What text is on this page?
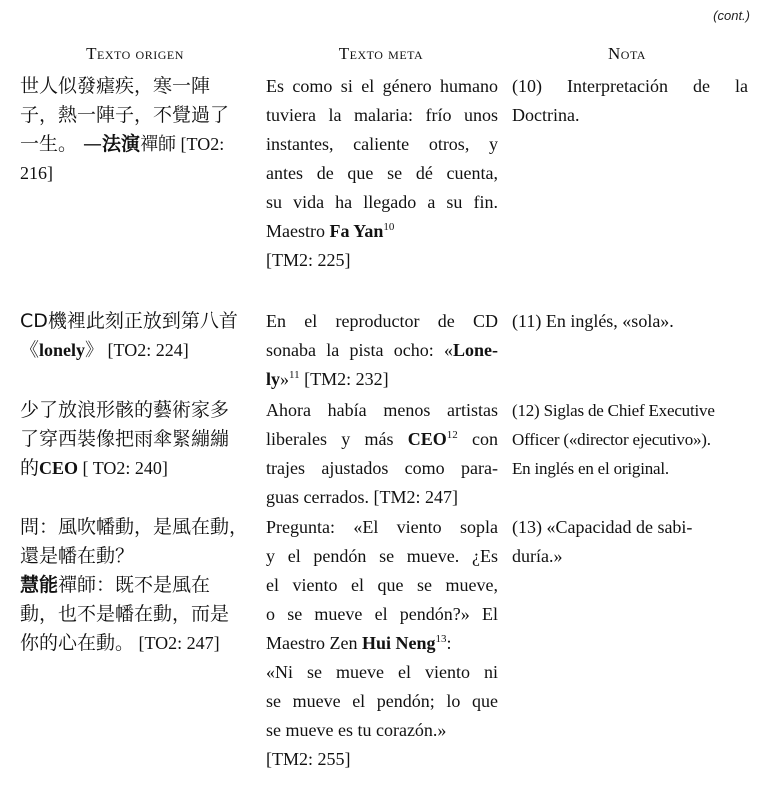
(cont.)
Texto origen	Texto meta	Nota
世人似發瘧疾，寒一陣
子，熱一陣子，不覺過了
一生。 —法演禪師 [TO2:
216]
Es como si el género humano
tuviera la malaria: frío unos
instantes, caliente otros, y
antes de que se dé cuenta,
su vida ha llegado a su fin.
Maestro Fa Yan$^{10}$
[TM2: 225]
(10) Interpretación de la
Doctrina.
CD機裡此刻正放到第八首
《lonely》 [TO2: 224]
En el reproductor de CD
sonaba la pista ocho: «Lone-
ly»$^{11}$ [TM2: 232]
(11) En inglés, «sola».
少了放浪形骸的藝術家多
了穿西裝像把雨傘緊繃繃
的CEO [ TO2: 240]
Ahora había menos artistas
liberales y más CEO$^{12}$ con
trajes ajustados como para-
guas cerrados. [TM2: 247]
(12) Siglas de Chief Executive
Officer («director ejecutivo»).
En inglés en el original.
問：風吹幡動，是風在動，
還是幡在動？
慧能禪師：既不是風在
動，也不是幡在動，而是
你的心在動。 [TO2: 247]
Pregunta: «El viento sopla
y el pendón se mueve. ¿Es
el viento el que se mueve,
o se mueve el pendón?» El
Maestro Zen Hui Neng$^{13}$:
«Ni se mueve el viento ni
se mueve el pendón; lo que
se mueve es tu corazón.»
[TM2: 255]
(13) «Capacidad de sabi-
duría.»
